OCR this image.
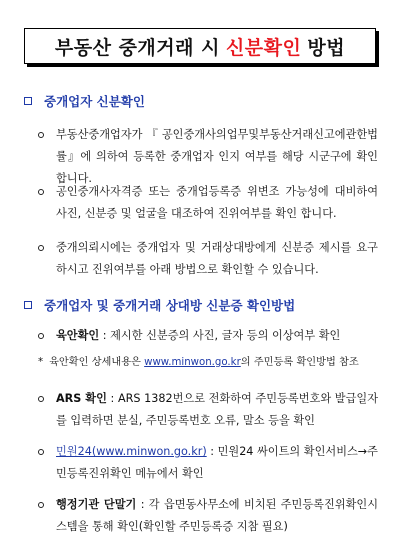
부동산 중개거래 시 신분확인 방법
중개업자 신분확인
부동산중개업자가『공인중개사의업무및부동산거래신고에관한법률』에 의하여 등록한 중개업자 인지 여부를 해당 시군구에 확인 합니다.
공인중개사자격증 또는 중개업등록증 위변조 가능성에 대비하여 사진, 신분증 및 얼굴을 대조하여 진위여부를 확인 합니다.
중개의뢰시에는 중개업자 및 거래상대방에게 신분증 제시를 요구하시고 진위여부를 아래 방법으로 확인할 수 있습니다.
중개업자 및 중개거래 상대방 신분증 확인방법
육안확인 : 제시한 신분증의 사진, 글자 등의 이상여부 확인
* 육안확인 상세내용은 www.minwon.go.kr의 주민등록 확인방법 참조
ARS 확인 : ARS 1382번으로 전화하여 주민등록번호와 발급일자를 입력하면 분실, 주민등록번호 오류, 말소 등을 확인
민원24(www.minwon.go.kr) : 민원24 싸이트의 확인서비스→주민등록진위확인 메뉴에서 확인
행정기관 단말기 : 각 읍면동사무소에 비치된 주민등록진위확인시스템을 통해 확인(확인할 주민등록증 지참 필요)
